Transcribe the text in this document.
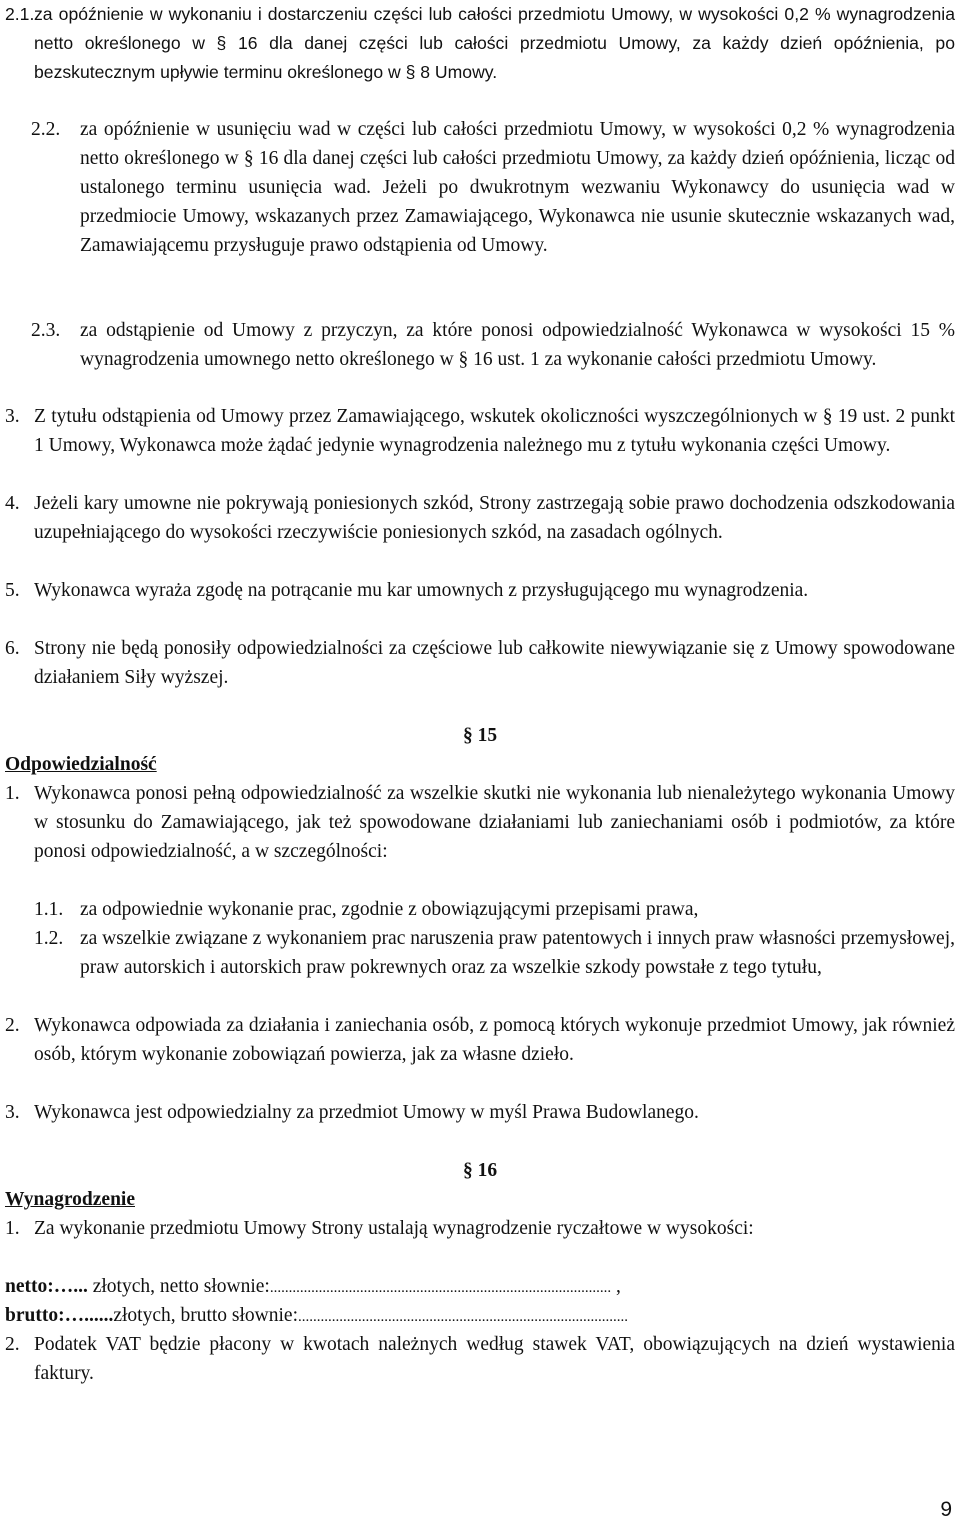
2.1. za opóźnienie w wykonaniu i dostarczeniu części lub całości przedmiotu Umowy, w wysokości 0,2 % wynagrodzenia netto określonego w § 16 dla danej części lub całości przedmiotu Umowy, za każdy dzień opóźnienia, po bezskutecznym upływie terminu określonego w § 8 Umowy.
2.2. za opóźnienie w usunięciu wad w części lub całości przedmiotu Umowy, w wysokości 0,2 % wynagrodzenia netto określonego w § 16 dla danej części lub całości przedmiotu Umowy, za każdy dzień opóźnienia, licząc od ustalonego terminu usunięcia wad. Jeżeli po dwukrotnym wezwaniu Wykonawcy do usunięcia wad w przedmiocie Umowy, wskazanych przez Zamawiającego, Wykonawca nie usunie skutecznie wskazanych wad, Zamawiającemu przysługuje prawo odstąpienia od Umowy.
2.3. za odstąpienie od Umowy z przyczyn, za które ponosi odpowiedzialność Wykonawca w wysokości 15 % wynagrodzenia umownego netto określonego w § 16 ust. 1 za wykonanie całości przedmiotu Umowy.
3. Z tytułu odstąpienia od Umowy przez Zamawiającego, wskutek okoliczności wyszczególnionych w § 19 ust. 2 punkt 1 Umowy, Wykonawca może żądać jedynie wynagrodzenia należnego mu z tytułu wykonania części Umowy.
4. Jeżeli kary umowne nie pokrywają poniesionych szkód, Strony zastrzegają sobie prawo dochodzenia odszkodowania uzupełniającego do wysokości rzeczywiście poniesionych szkód, na zasadach ogólnych.
5. Wykonawca wyraża zgodę na potrącanie mu kar umownych z przysługującego mu wynagrodzenia.
6. Strony nie będą ponosiły odpowiedzialności za częściowe lub całkowite niewywiązanie się z Umowy spowodowane działaniem Siły wyższej.
§ 15
Odpowiedzialność
1. Wykonawca ponosi pełną odpowiedzialność za wszelkie skutki nie wykonania lub nienależytego wykonania Umowy w stosunku do Zamawiającego, jak też spowodowane działaniami lub zaniechaniami osób i podmiotów, za które ponosi odpowiedzialność, a w szczególności:
1.1. za odpowiednie wykonanie prac, zgodnie z obowiązującymi przepisami prawa,
1.2. za wszelkie związane z wykonaniem prac naruszenia praw patentowych i innych praw własności przemysłowej, praw autorskich i autorskich praw pokrewnych oraz za wszelkie szkody powstałe z tego tytułu,
2. Wykonawca odpowiada za działania i zaniechania osób, z pomocą których wykonuje przedmiot Umowy, jak również osób, którym wykonanie zobowiązań powierza, jak za własne dzieło.
3. Wykonawca jest odpowiedzialny za przedmiot Umowy w myśl Prawa Budowlanego.
§ 16
Wynagrodzenie
1. Za wykonanie przedmiotu Umowy Strony ustalają wynagrodzenie ryczałtowe w wysokości:
netto:…... złotych, netto słownie:........................................................................................... ,
brutto:…......złotych, brutto słownie:........................................................................................
2. Podatek VAT będzie płacony w kwotach należnych według stawek VAT, obowiązujących na dzień wystawienia faktury.
9
